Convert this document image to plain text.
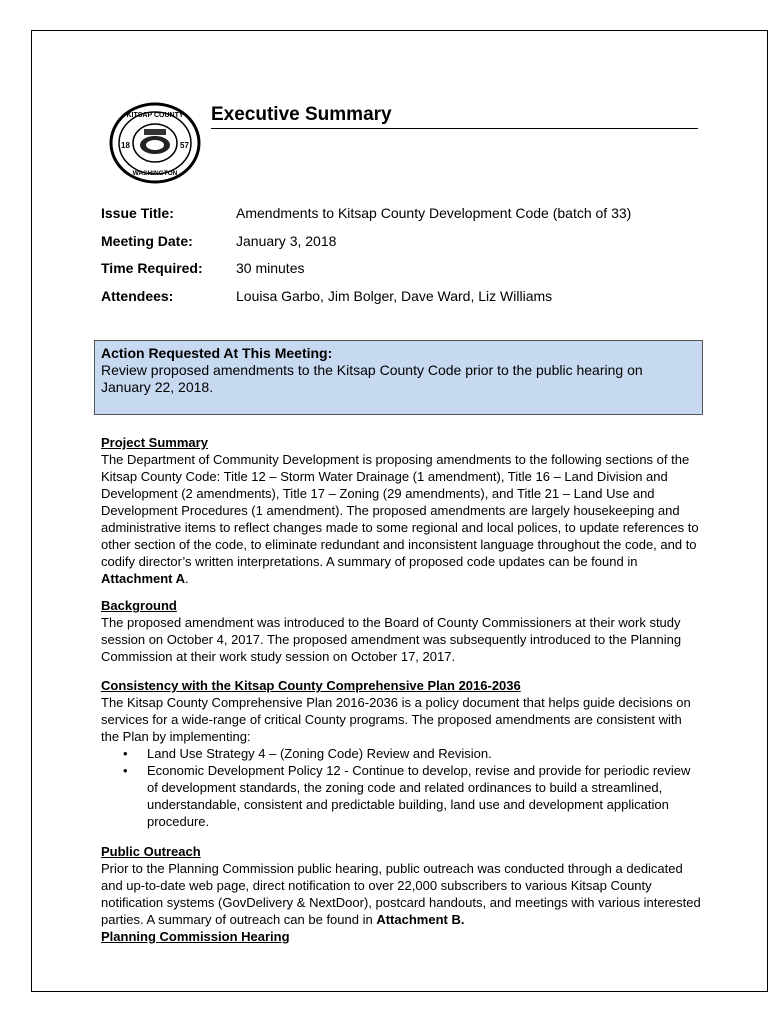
KITSAP COUNTY
WASHINGTON
18	57
Executive Summary
Issue Title:	Amendments to Kitsap County Development Code (batch of 33)
Meeting Date:	January 3, 2018
Time Required: 30 minutes
Attendees:	Louisa Garbo, Jim Bolger, Dave Ward, Liz Williams
Action Requested At This Meeting:
Review proposed amendments to the Kitsap County Code prior to the public hearing on January 22, 2018.
Project Summary
The Department of Community Development is proposing amendments to the following sections of the Kitsap County Code: Title 12 – Storm Water Drainage (1 amendment), Title 16 – Land Division and Development (2 amendments), Title 17 – Zoning (29 amendments), and Title 21 – Land Use and Development Procedures (1 amendment). The proposed amendments are largely housekeeping and administrative items to reflect changes made to some regional and local polices, to update references to other section of the code, to eliminate redundant and inconsistent language throughout the code, and to codify director’s written interpretations. A summary of proposed code updates can be found in Attachment A.
Background
The proposed amendment was introduced to the Board of County Commissioners at their work study session on October 4, 2017. The proposed amendment was subsequently introduced to the Planning Commission at their work study session on October 17, 2017.
Consistency with the Kitsap County Comprehensive Plan 2016-2036
The Kitsap County Comprehensive Plan 2016-2036 is a policy document that helps guide decisions on services for a wide-range of critical County programs. The proposed amendments are consistent with the Plan by implementing:
• Land Use Strategy 4 – (Zoning Code) Review and Revision.
• Economic Development Policy 12 - Continue to develop, revise and provide for periodic review of development standards, the zoning code and related ordinances to build a streamlined, understandable, consistent and predictable building, land use and development application procedure.
Public Outreach
Prior to the Planning Commission public hearing, public outreach was conducted through a dedicated and up-to-date web page, direct notification to over 22,000 subscribers to various Kitsap County notification systems (GovDelivery & NextDoor), postcard handouts, and meetings with various interested parties. A summary of outreach can be found in Attachment B.
Planning Commission Hearing
